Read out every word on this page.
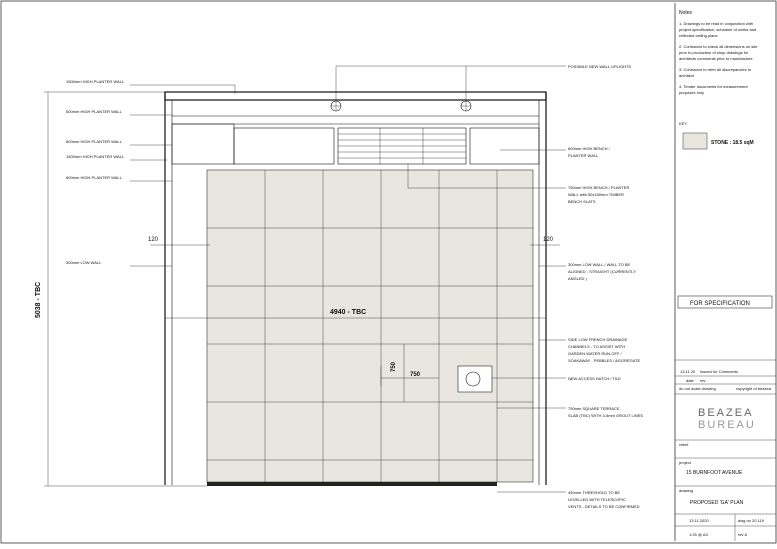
750
750
4940 - TBC
120	120
5038 - TBC
1500mm HIGH PLANTER WALL
600mm HIGH PLANTER WALL
600mm HIGH PLANTER WALL
1500mm HIGH PLANTER WALL
600mm HIGH PLANTER WALL
300mm LOW WALL
POSSIBLE NEW WALL UPLIGHTS
600mm HIGH BENCH /
PLANTER WALL
750mm HIGH BENCH / PLANTER
WALL with 50x150mm TIMBER
BENCH SLATS
300mm LOW WALL / WALL TO BE
ALIGNED - STRAIGHT (CURRENTLY
ANGLED )
SIDE LOW FRENCH DRAINAGE
CHANNELS - TO ASSIST WITH
GARDEN WATER RUN-OFF /
SOAKAWAY - PEBBLES / AGGREGATE
NEW ACCESS HATCH / TILE
750mm SQUARE TERRACE
SLAB (TBC) WITH 3-5mm GROUT LINES
450mm THRESHOLD TO BE
LEVELLED WITH TELESCOPIC
VENTS - DETAILS TO BE CONFIRMED
Notes
1. Drawings to be read in conjunction with
project specification, schedule of works and
reflected ceiling plans
2. Contractor to check all dimensions on site
prior to production of shop drawings for
architects comments prior to manufacture
3. Contractor to refer all discrepancies to
architect
4. Tender documents for measurement
purposes only
KEY
STONE : 18.5 sqM
FOR SPECIFICATION
13.11.20 Issued for Comments
date rev
do not scale drawing	copyright of beazea
BEAZEA
BUREAU
client
project
15 BURNFOOT AVENUE
drawing
PROPOSED 'GA' PLAN
13.11.2020	dwg no 20.119
1:25 @ A3	rev A
